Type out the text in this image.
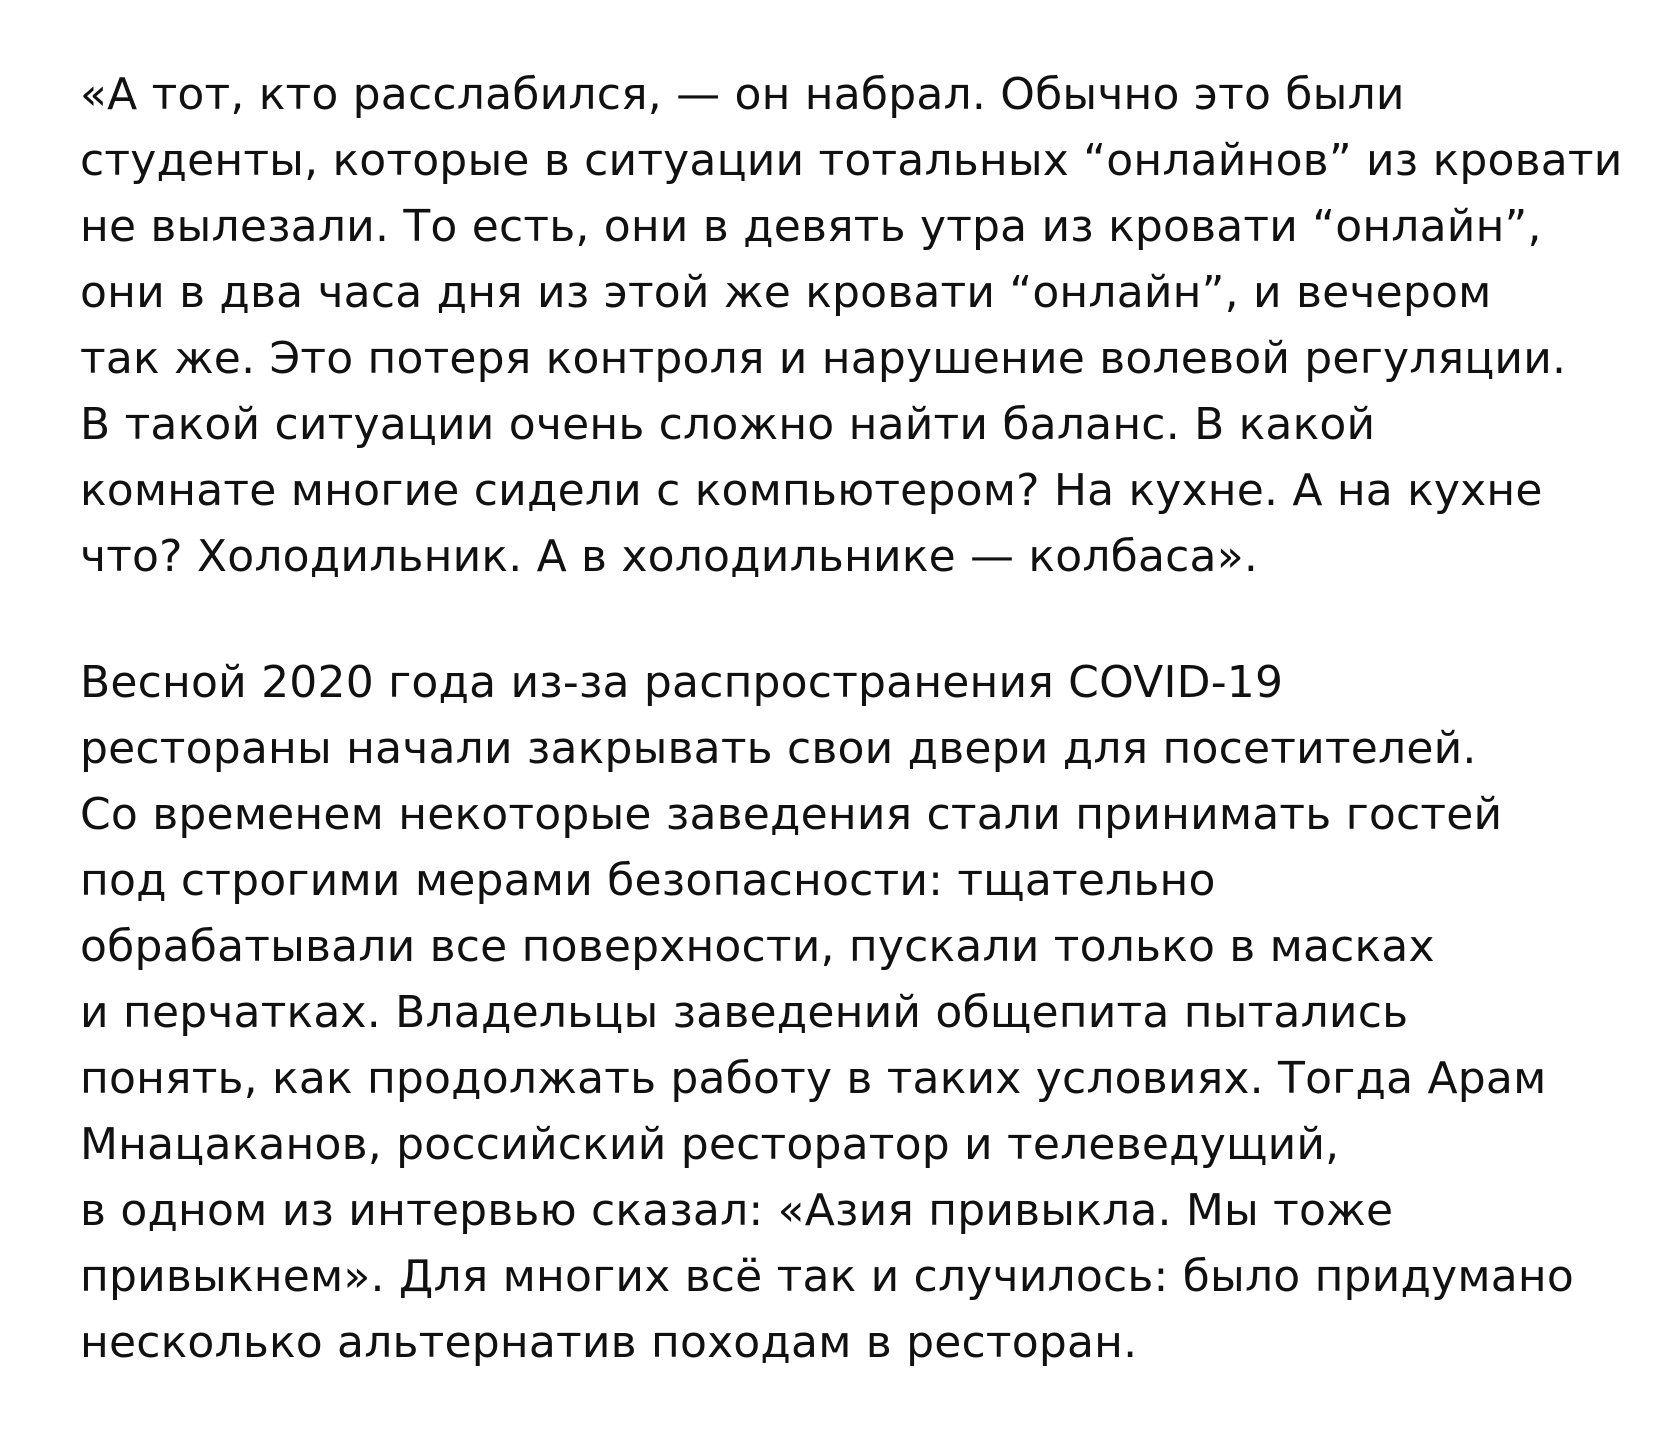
«А тот, кто расслабился, — он набрал. Обычно это были
студенты, которые в ситуации тотальных “онлайнов” из кровати
не вылезали. То есть, они в девять утра из кровати “онлайн”,
они в два часа дня из этой же кровати “онлайн”, и вечером
так же. Это потеря контроля и нарушение волевой регуляции.
В такой ситуации очень сложно найти баланс. В какой
комнате многие сидели с компьютером? На кухне. А на кухне
что? Холодильник. А в холодильнике — колбаса».

Весной 2020 года из-за распространения COVID-19
рестораны начали закрывать свои двери для посетителей.
Со временем некоторые заведения стали принимать гостей
под строгими мерами безопасности: тщательно
обрабатывали все поверхности, пускали только в масках
и перчатках. Владельцы заведений общепита пытались
понять, как продолжать работу в таких условиях. Тогда Арам
Мнацаканов, российский ресторатор и телеведущий,
в одном из интервью сказал: «Азия привыкла. Мы тоже
привыкнем». Для многих всё так и случилось: было придумано
несколько альтернатив походам в ресторан.
